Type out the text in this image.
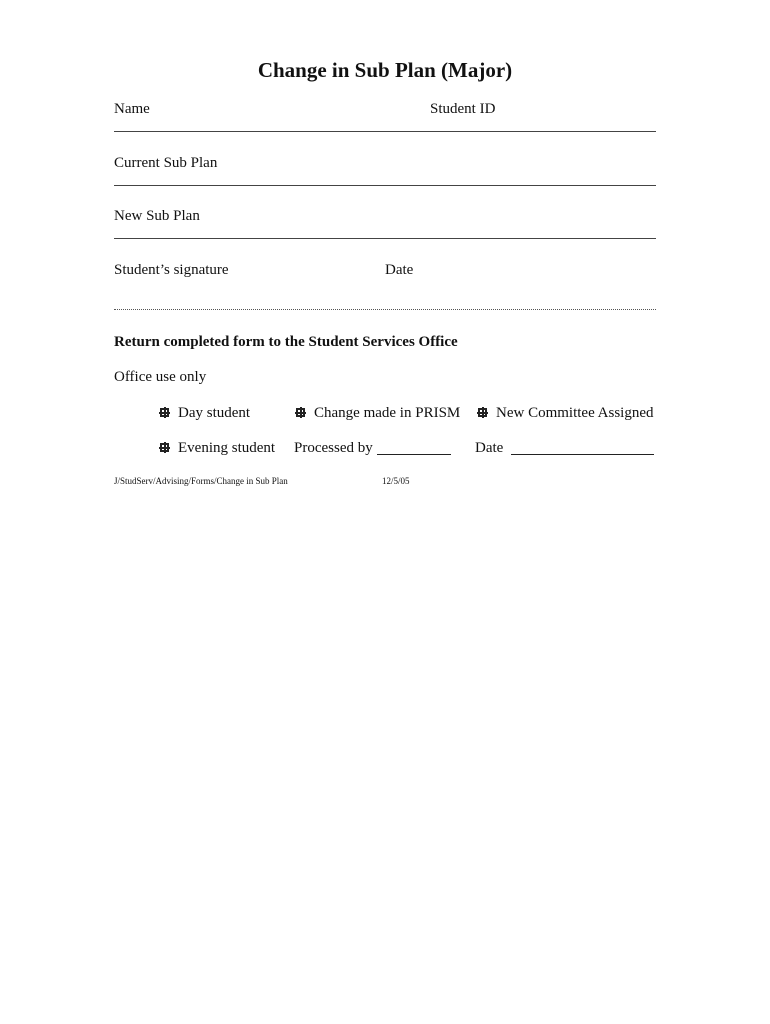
Change in Sub Plan (Major)
Name	Student ID
Current Sub Plan
New Sub Plan
Student’s signature	Date
Return completed form to the Student Services Office
Office use only
Day student	Change made in PRISM	New Committee Assigned
Evening student Processed by	Date
J/StudServ/Advising/Forms/Change in Sub Plan	12/5/05
